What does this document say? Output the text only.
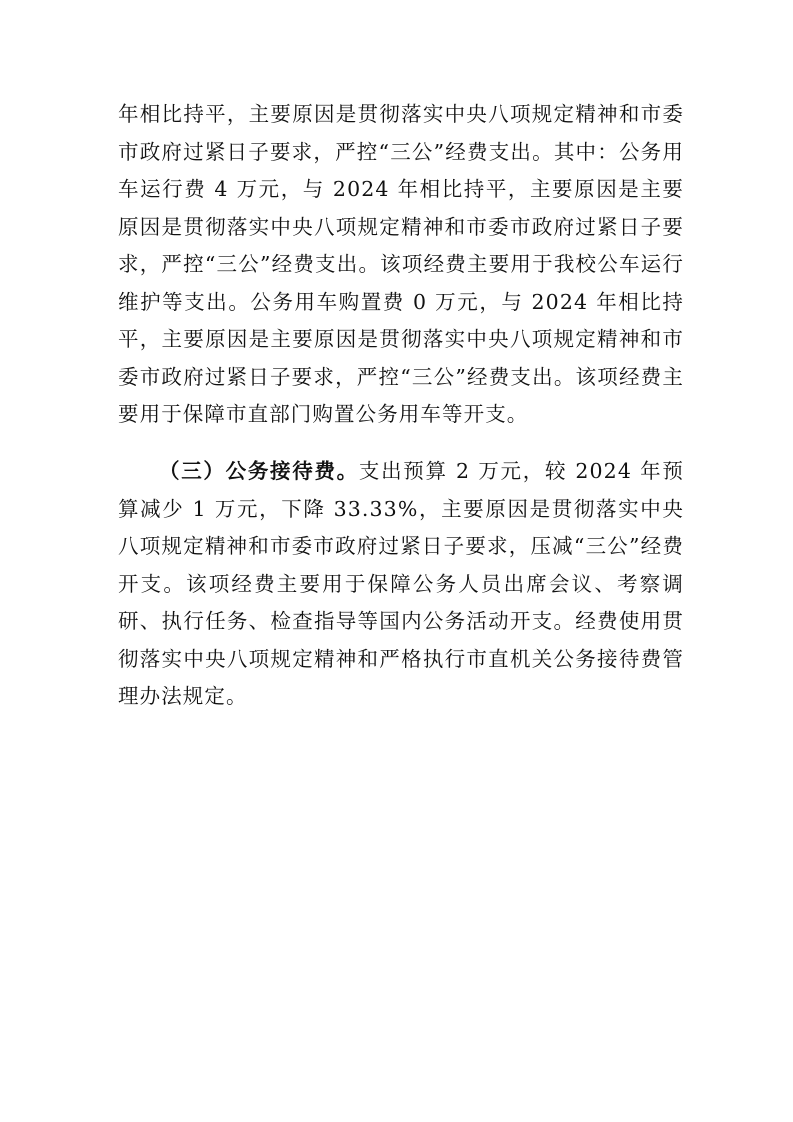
年相比持平，主要原因是贯彻落实中央八项规定精神和市委市政府过紧日子要求，严控“三公”经费支出。其中：公务用车运行费 4 万元，与 2024 年相比持平，主要原因是主要原因是贯彻落实中央八项规定精神和市委市政府过紧日子要求，严控“三公”经费支出。该项经费主要用于我校公车运行维护等支出。公务用车购置费 0 万元，与 2024 年相比持平，主要原因是主要原因是贯彻落实中央八项规定精神和市委市政府过紧日子要求，严控“三公”经费支出。该项经费主要用于保障市直部门购置公务用车等开支。

（三）公务接待费。支出预算 2 万元，较 2024 年预算减少 1 万元，下降 33.33%，主要原因是贯彻落实中央八项规定精神和市委市政府过紧日子要求，压减“三公”经费开支。该项经费主要用于保障公务人员出席会议、考察调研、执行任务、检查指导等国内公务活动开支。经费使用贯彻落实中央八项规定精神和严格执行市直机关公务接待费管理办法规定。
